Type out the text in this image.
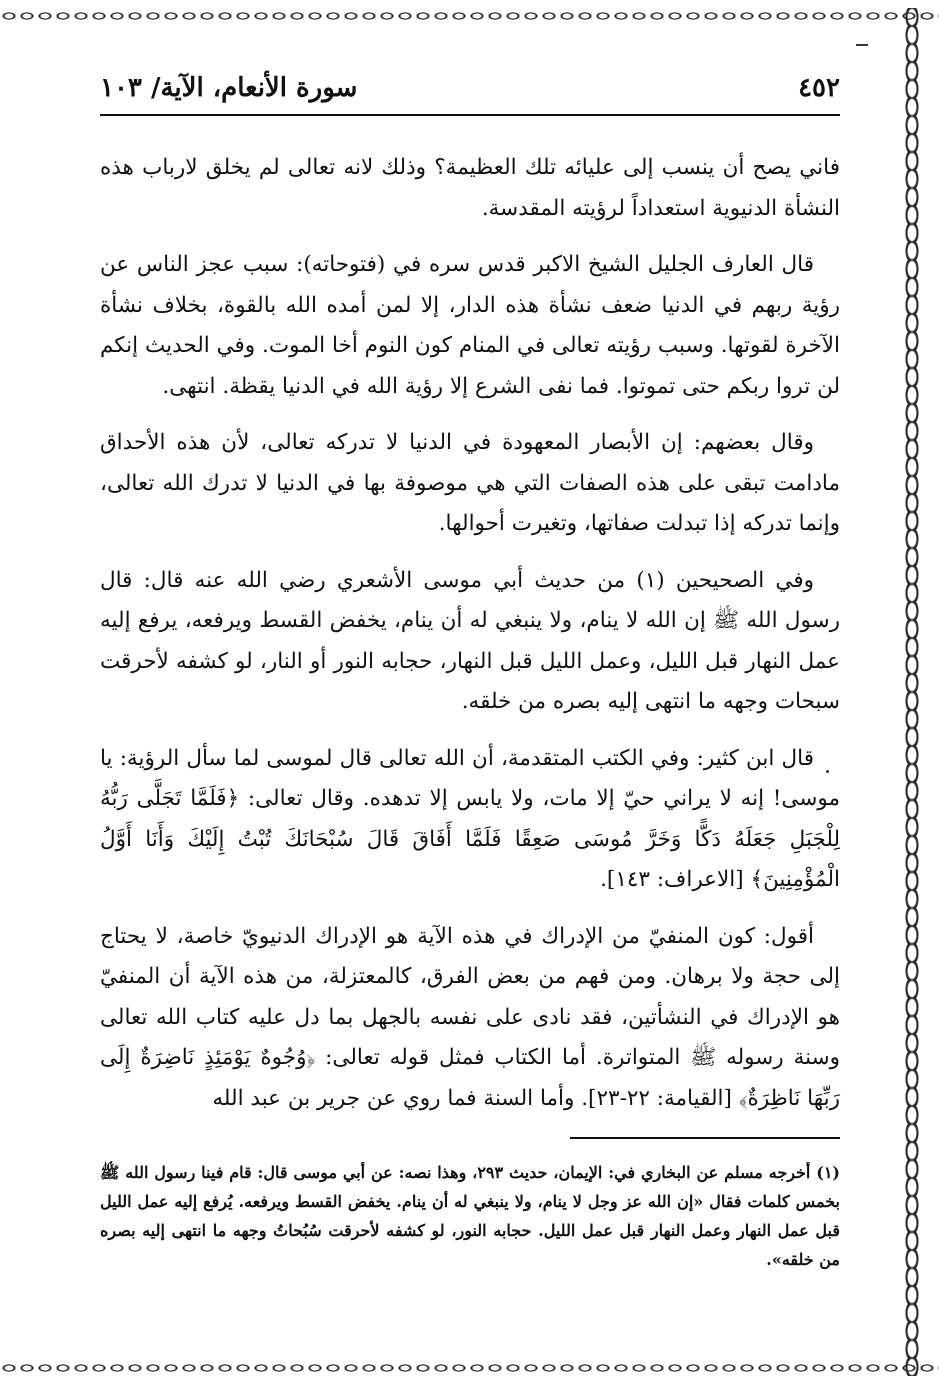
٤٥٢
سورة الأنعام، الآية/ ١٠٣

فاني يصح أن ينسب إلى عليائه تلك العظيمة؟ وذلك لانه تعالى لم يخلق لارباب هذه النشأة الدنيوية استعداداً لرؤيته المقدسة.

قال العارف الجليل الشيخ الاكبر قدس سره في (فتوحاته): سبب عجز الناس عن رؤية ربهم في الدنيا ضعف نشأة هذه الدار، إلا لمن أمده الله بالقوة، بخلاف نشأة الآخرة لقوتها. وسبب رؤيته تعالى في المنام كون النوم أخا الموت. وفي الحديث إنكم لن تروا ربكم حتى تموتوا. فما نفى الشرع إلا رؤية الله في الدنيا يقظة. انتهى.

وقال بعضهم: إن الأبصار المعهودة في الدنيا لا تدركه تعالى، لأن هذه الأحداق مادامت تبقى على هذه الصفات التي هي موصوفة بها في الدنيا لا تدرك الله تعالى، وإنما تدركه إذا تبدلت صفاتها، وتغيرت أحوالها.

وفي الصحيحين (١) من حديث أبي موسى الأشعري رضي الله عنه قال: قال رسول الله ﷺ إن الله لا ينام، ولا ينبغي له أن ينام، يخفض القسط ويرفعه، يرفع إليه عمل النهار قبل الليل، وعمل الليل قبل النهار، حجابه النور أو النار، لو كشفه لأحرقت سبحات وجهه ما انتهى إليه بصره من خلقه.

قال ابن كثير: وفي الكتب المتقدمة، أن الله تعالى قال لموسى لما سأل الرؤية: يا موسى! إنه لا يراني حيّ إلا مات، ولا يابس إلا تدهده. وقال تعالى: ﴿فَلَمَّا تَجَلَّى رَبُّهُ لِلْجَبَلِ جَعَلَهُ دَكًّا وَخَرَّ مُوسَى صَعِقًا فَلَمَّا أَفَاقَ قَالَ سُبْحَانَكَ تُبْتُ إِلَيْكَ وَأَنَا أَوَّلُ الْمُؤْمِنِينَ﴾ [الاعراف: ١٤٣].

أقول: كون المنفيّ من الإدراك في هذه الآية هو الإدراك الدنيويّ خاصة، لا يحتاج إلى حجة ولا برهان. ومن فهم من بعض الفرق، كالمعتزلة، من هذه الآية أن المنفيّ هو الإدراك في النشأتين، فقد نادى على نفسه بالجهل بما دل عليه كتاب الله تعالى وسنة رسوله ﷺ المتواترة. أما الكتاب فمثل قوله تعالى: ﴿وُجُوهٌ يَوْمَئِذٍ نَاضِرَةٌ إِلَى رَبِّهَا نَاظِرَةٌ﴾ [القيامة: ٢٢-٢٣]. وأما السنة فما روي عن جرير بن عبد الله

(١) أخرجه مسلم عن البخاري في: الإيمان، حديث ٢٩٣، وهذا نصه: عن أبي موسى قال: قام فينا رسول الله ﷺ بخمس كلمات فقال «إن الله عز وجل لا ينام، ولا ينبغي له أن ينام. يخفض القسط ويرفعه. يُرفع إليه عمل الليل قبل عمل النهار وعمل النهار قبل عمل الليل. حجابه النور، لو كشفه لأحرقت سُبُحاتُ وجهه ما انتهى إليه بصره من خلقه».
